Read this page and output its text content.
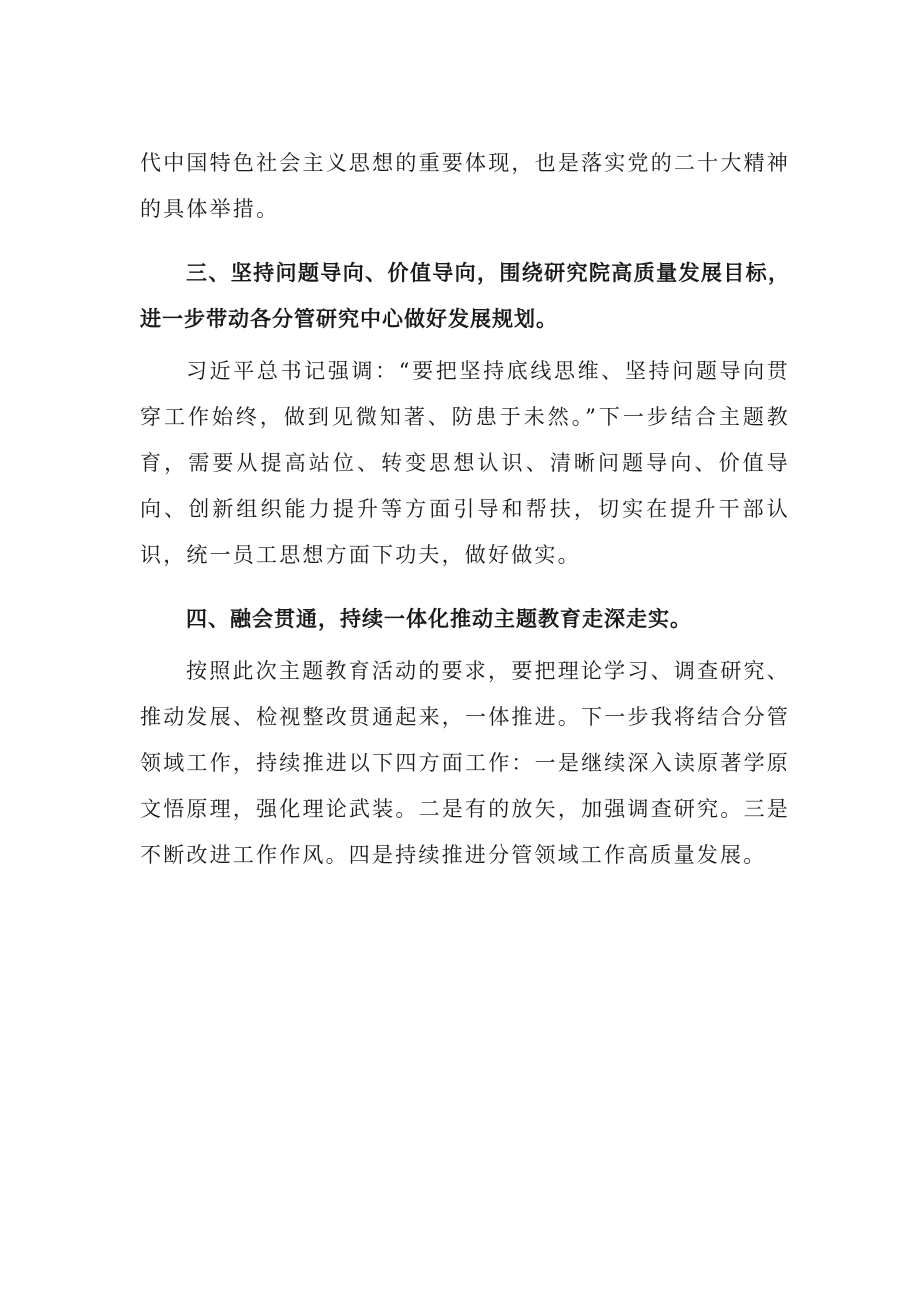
代中国特色社会主义思想的重要体现，也是落实党的二十大精神的具体举措。

三、坚持问题导向、价值导向，围绕研究院高质量发展目标，进一步带动各分管研究中心做好发展规划。

习近平总书记强调：“要把坚持底线思维、坚持问题导向贯穿工作始终，做到见微知著、防患于未然。”下一步结合主题教育，需要从提高站位、转变思想认识、清晰问题导向、价值导向、创新组织能力提升等方面引导和帮扶，切实在提升干部认识，统一员工思想方面下功夫，做好做实。

四、融会贯通，持续一体化推动主题教育走深走实。

按照此次主题教育活动的要求，要把理论学习、调查研究、推动发展、检视整改贯通起来，一体推进。下一步我将结合分管领域工作，持续推进以下四方面工作：一是继续深入读原著学原文悟原理，强化理论武装。二是有的放矢，加强调查研究。三是不断改进工作作风。四是持续推进分管领域工作高质量发展。
